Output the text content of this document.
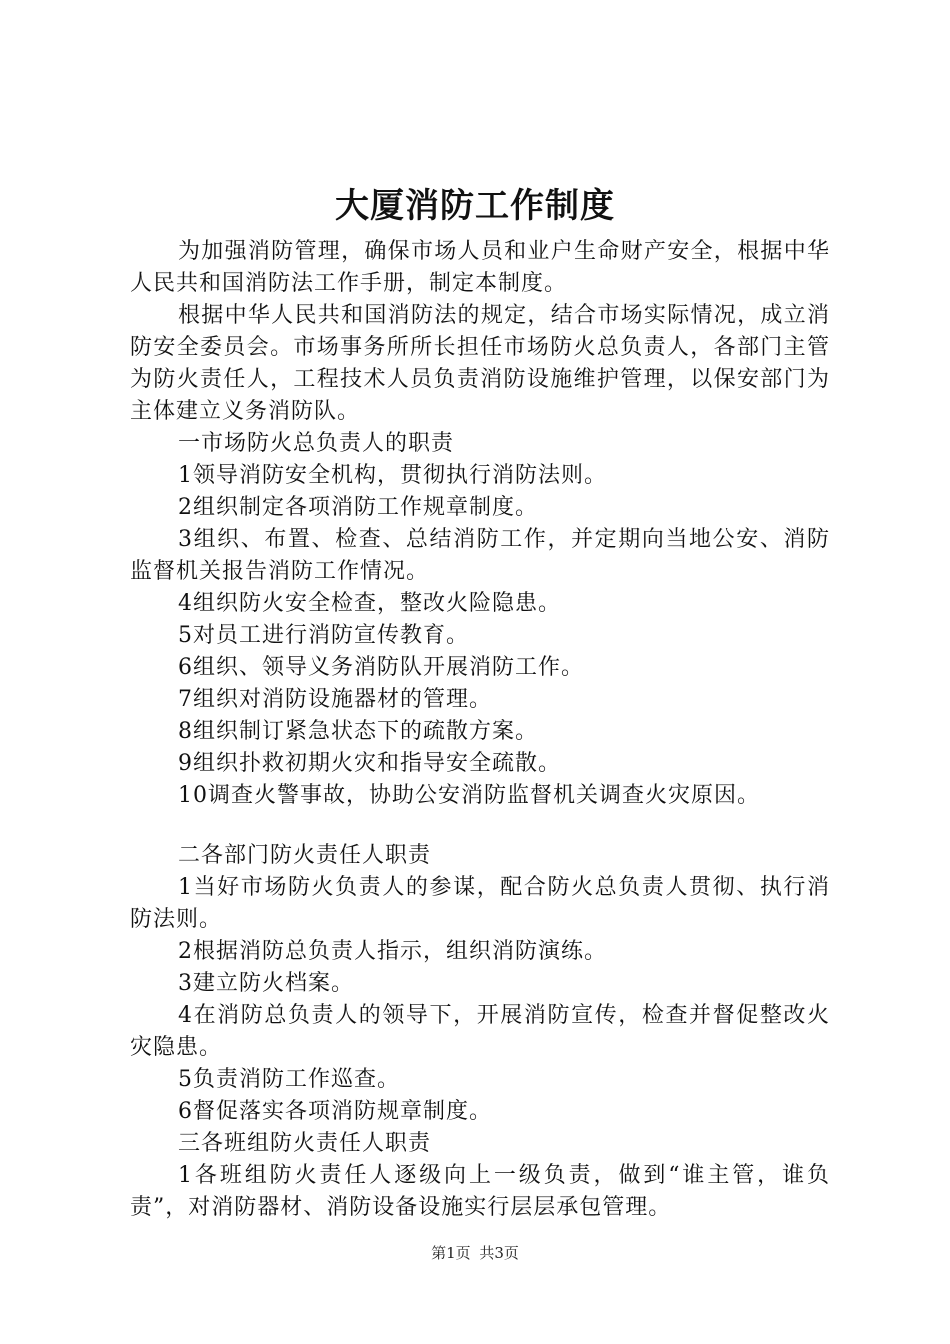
大厦消防工作制度

为加强消防管理，确保市场人员和业户生命财产安全，根据中华人民共和国消防法工作手册，制定本制度。

根据中华人民共和国消防法的规定，结合市场实际情况，成立消防安全委员会。市场事务所所长担任市场防火总负责人，各部门主管为防火责任人，工程技术人员负责消防设施维护管理，以保安部门为主体建立义务消防队。

一市场防火总负责人的职责

1领导消防安全机构，贯彻执行消防法则。

2组织制定各项消防工作规章制度。

3组织、布置、检查、总结消防工作，并定期向当地公安、消防监督机关报告消防工作情况。

4组织防火安全检查，整改火险隐患。

5对员工进行消防宣传教育。

6组织、领导义务消防队开展消防工作。

7组织对消防设施器材的管理。

8组织制订紧急状态下的疏散方案。

9组织扑救初期火灾和指导安全疏散。

10调查火警事故，协助公安消防监督机关调查火灾原因。

二各部门防火责任人职责

1当好市场防火负责人的参谋，配合防火总负责人贯彻、执行消防法则。

2根据消防总负责人指示，组织消防演练。

3建立防火档案。

4在消防总负责人的领导下，开展消防宣传，检查并督促整改火灾隐患。

5负责消防工作巡查。

6督促落实各项消防规章制度。

三各班组防火责任人职责

1各班组防火责任人逐级向上一级负责，做到“谁主管，谁负责”，对消防器材、消防设备设施实行层层承包管理。

第1页 共3页
